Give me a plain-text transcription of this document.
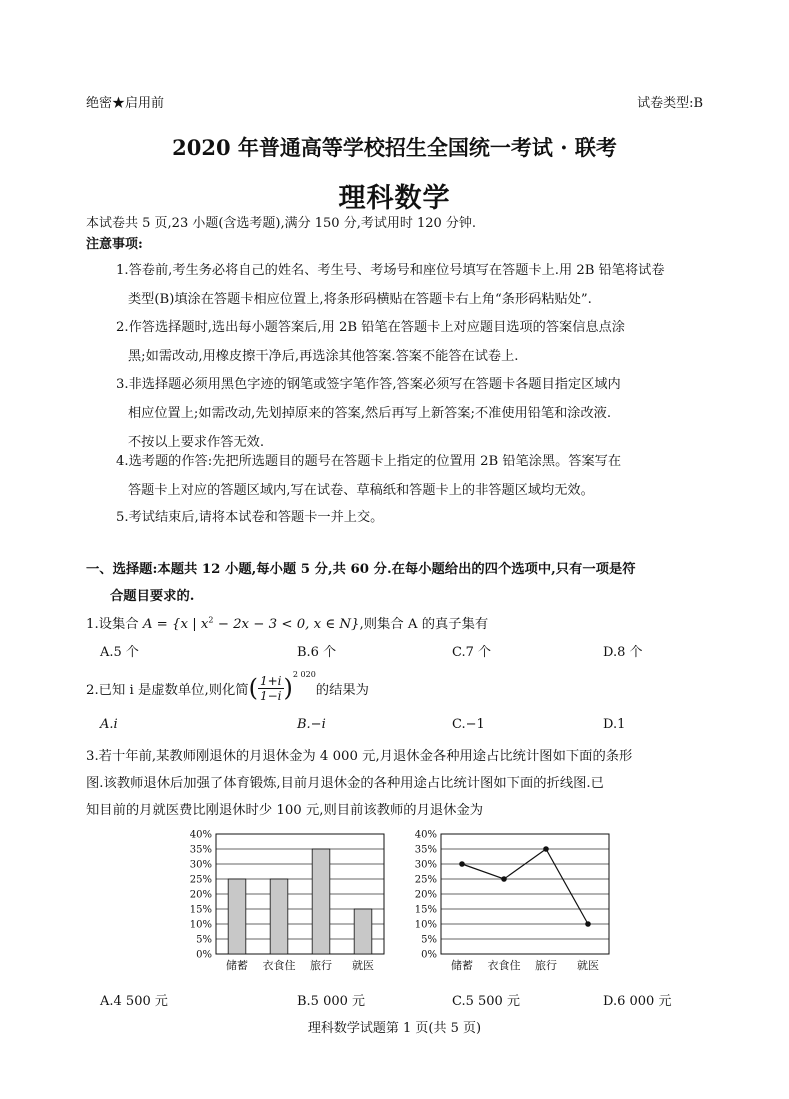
绝密★启用前	试卷类型:B
2020 年普通高等学校招生全国统一考试 · 联考
理科数学
本试卷共 5 页,23 小题(含选考题),满分 150 分,考试用时 120 分钟.
注意事项:
1.答卷前,考生务必将自己的姓名、考生号、考场号和座位号填写在答题卡上.用 2B 铅笔将试卷
类型(B)填涂在答题卡相应位置上,将条形码横贴在答题卡右上角“条形码粘贴处”.
2.作答选择题时,选出每小题答案后,用 2B 铅笔在答题卡上对应题目选项的答案信息点涂
黑;如需改动,用橡皮擦干净后,再选涂其他答案.答案不能答在试卷上.
3.非选择题必须用黑色字迹的钢笔或签字笔作答,答案必须写在答题卡各题目指定区域内
相应位置上;如需改动,先划掉原来的答案,然后再写上新答案;不准使用铅笔和涂改液.
不按以上要求作答无效.
4.选考题的作答:先把所选题目的题号在答题卡上指定的位置用 2B 铅笔涂黑。答案写在
答题卡上对应的答题区域内,写在试卷、草稿纸和答题卡上的非答题区域均无效。
5.考试结束后,请将本试卷和答题卡一并上交。
一、选择题:本题共 12 小题,每小题 5 分,共 60 分.在每小题给出的四个选项中,只有一项是符
合题目要求的.
1.设集合 A = {x | $x^2 - 2x - 3 < 0$, x ∈ N},则集合 A 的真子集有
A.5 个	B.6 个	C.7 个	D.8 个
2.已知 i 是虚数单位,则化简 ( $\frac{1+i}{1-i} )^{2 020}$
的结果为
A.i	B.−i	C.−1	D.1
3.若十年前,某教师刚退休的月退休金为 4 000 元,月退休金各种用途占比统计图如下面的条形
图.该教师退休后加强了体育锻炼,目前月退休金的各种用途占比统计图如下面的折线图.已
知目前的月就医费比刚退休时少 100 元,则目前该教师的月退休金为
0%
5%
10%
15%
20%
25%
30%
35%
40%
储蓄 衣食住 旅行 就医
0%
5%
10%
15%
20%
25%
30%
35%
40%
储蓄 衣食住 旅行 就医
A.4 500 元	B.5 000 元	C.5 500 元	D.6 000 元
理科数学试题第 1 页(共 5 页)
